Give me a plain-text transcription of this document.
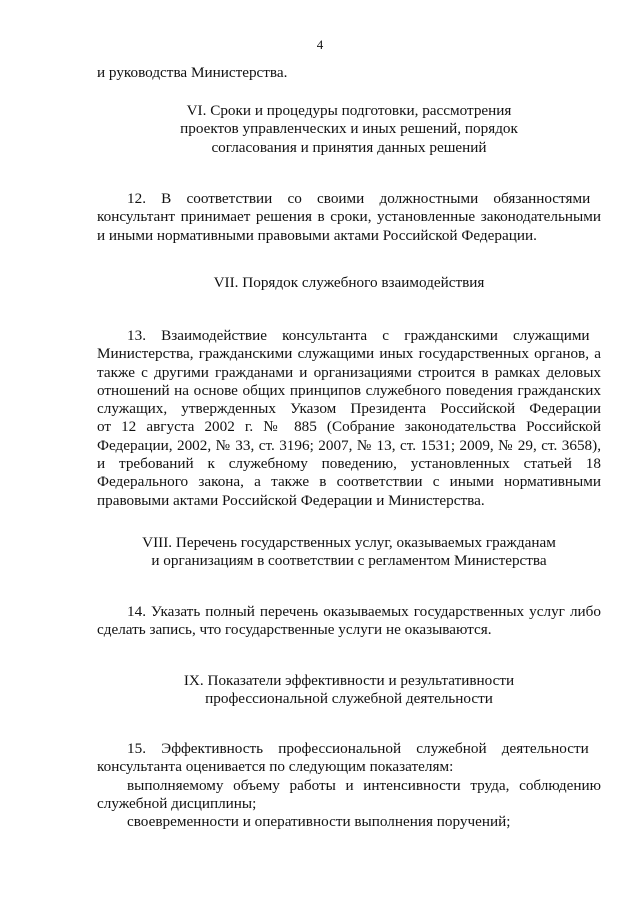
4
и руководства Министерства.
VI. Сроки и процедуры подготовки, рассмотрения
проектов управленческих и иных решений, порядок
согласования и принятия данных решений
12. В соответствии со своими должностными обязанностями
консультант принимает решения в сроки, установленные законодательными
и иными нормативными правовыми актами Российской Федерации.
VII. Порядок служебного взаимодействия
13. Взаимодействие консультанта с гражданскими служащими
Министерства, гражданскими служащими иных государственных органов, а
также с другими гражданами и организациями строится в рамках деловых
отношений на основе общих принципов служебного поведения гражданских
служащих, утвержденных Указом Президента Российской Федерации
от 12 августа 2002 г. № 885 (Собрание законодательства Российской
Федерации, 2002, № 33, ст. 3196; 2007, № 13, ст. 1531; 2009, № 29, ст. 3658),
и требований к служебному поведению, установленных статьей 18
Федерального закона, а также в соответствии с иными нормативными
правовыми актами Российской Федерации и Министерства.
VIII. Перечень государственных услуг, оказываемых гражданам
и организациям в соответствии с регламентом Министерства
14. Указать полный перечень оказываемых государственных услуг либо
сделать запись, что государственные услуги не оказываются.
IX. Показатели эффективности и результативности
профессиональной служебной деятельности
15. Эффективность профессиональной служебной деятельности
консультанта оценивается по следующим показателям:
выполняемому объему работы и интенсивности труда, соблюдению
служебной дисциплины;
своевременности и оперативности выполнения поручений;
